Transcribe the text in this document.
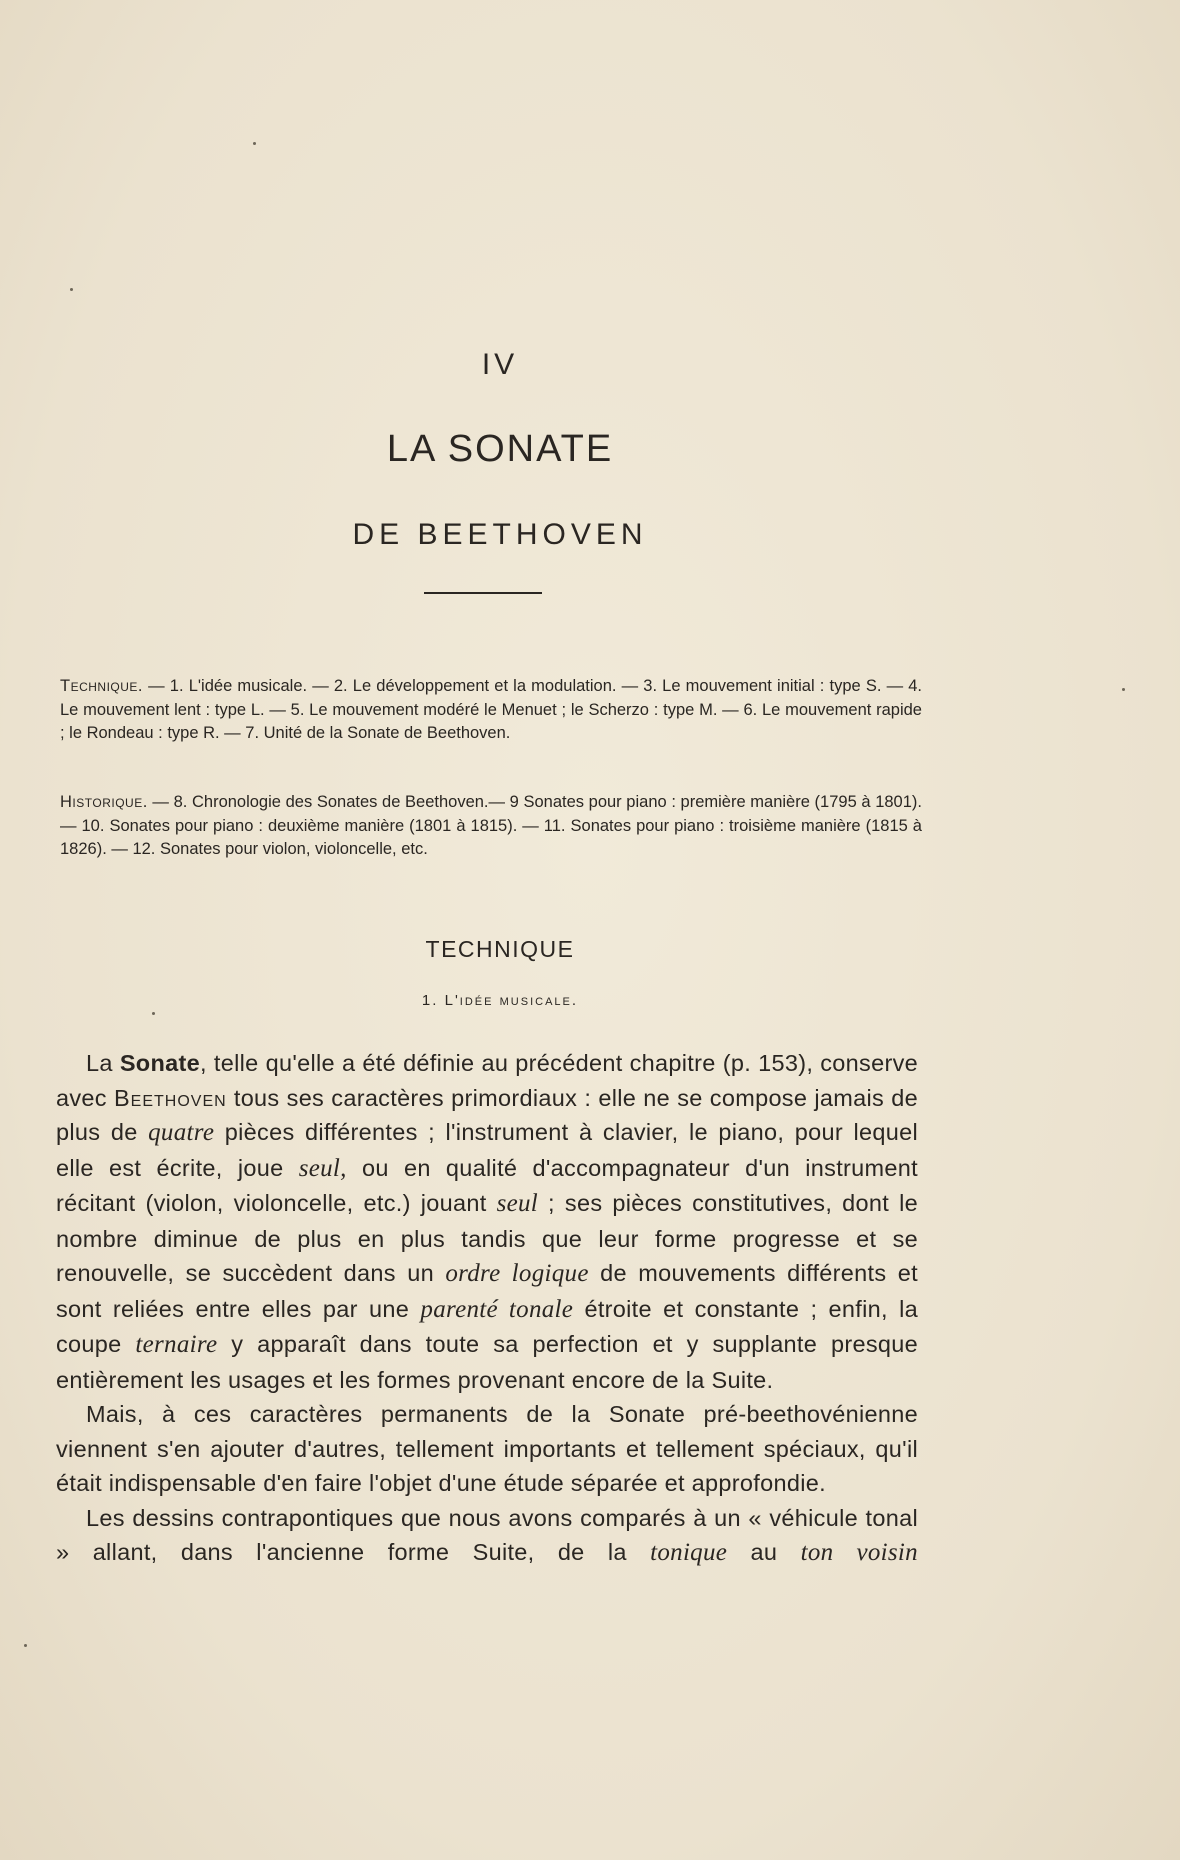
IV
LA SONATE
DE BEETHOVEN
Technique. — 1. L'idée musicale. — 2. Le développement et la modulation. — 3. Le mouvement initial : type S. — 4. Le mouvement lent : type L. — 5. Le mouvement modéré le Menuet ; le Scherzo : type M. — 6. Le mouvement rapide ; le Rondeau : type R. — 7. Unité de la Sonate de Beethoven.
Historique. — 8. Chronologie des Sonates de Beethoven.— 9 Sonates pour piano : première manière (1795 à 1801). — 10. Sonates pour piano : deuxième manière (1801 à 1815). — 11. Sonates pour piano : troisième manière (1815 à 1826). — 12. Sonates pour violon, violoncelle, etc.
TECHNIQUE
1. L'idée musicale.

La Sonate, telle qu'elle a été définie au précédent chapitre (p. 153), conserve avec Beethoven tous ses caractères primordiaux : elle ne se compose jamais de plus de quatre pièces différentes ; l'instrument à clavier, le piano, pour lequel elle est écrite, joue seul, ou en qualité d'accompagnateur d'un instrument récitant (violon, violoncelle, etc.) jouant seul ; ses pièces constitutives, dont le nombre diminue de plus en plus tandis que leur forme progresse et se renouvelle, se succèdent dans un ordre logique de mouvements différents et sont reliées entre elles par une parenté tonale étroite et constante ; enfin, la coupe ternaire y apparaît dans toute sa perfection et y supplante presque entièrement les usages et les formes provenant encore de la Suite.

Mais, à ces caractères permanents de la Sonate pré-beethovénienne viennent s'en ajouter d'autres, tellement importants et tellement spéciaux, qu'il était indispensable d'en faire l'objet d'une étude séparée et approfondie.

Les dessins contrapontiques que nous avons comparés à un « véhicule tonal » allant, dans l'ancienne forme Suite, de la tonique au ton voisin
